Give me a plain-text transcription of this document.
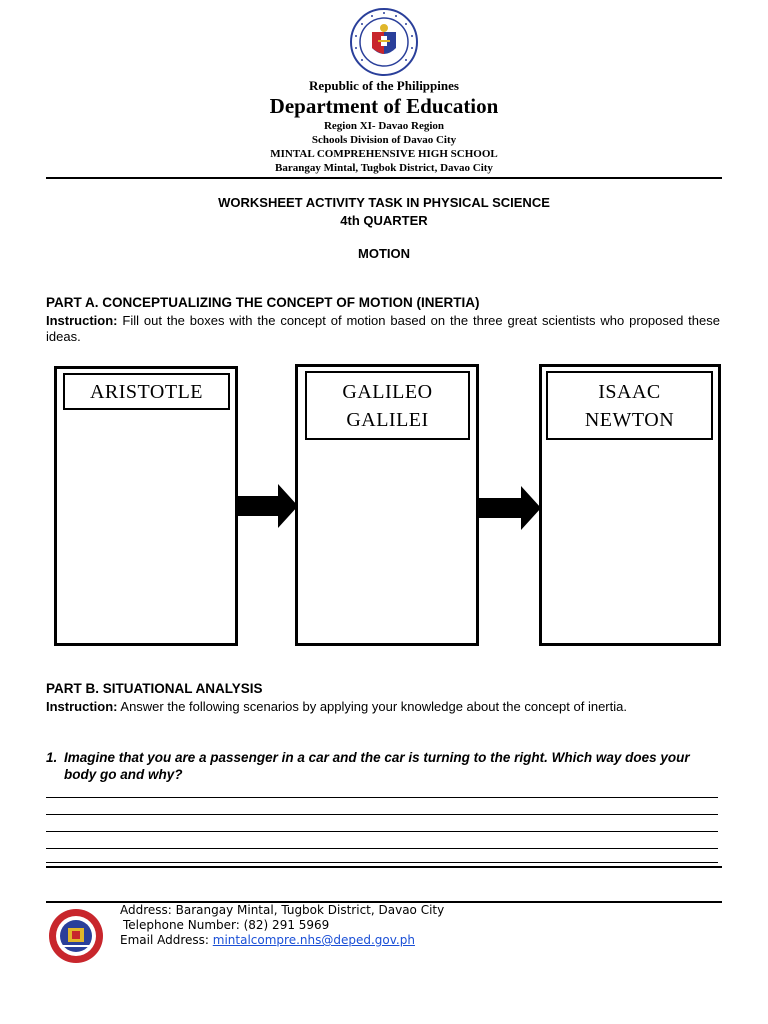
Republic of the Philippines
Department of Education
Region XI- Davao Region
Schools Division of Davao City
MINTAL COMPREHENSIVE HIGH SCHOOL
Barangay Mintal, Tugbok District, Davao City
WORKSHEET ACTIVITY TASK IN PHYSICAL SCIENCE
4th QUARTER
MOTION
PART A. CONCEPTUALIZING THE CONCEPT OF MOTION (INERTIA)
Instruction: Fill out the boxes with the concept of motion based on the three great scientists who proposed these ideas.
ARISTOTLE	GALILEO
GALILEI
ISAAC
NEWTON
PART B. SITUATIONAL ANALYSIS
Instruction: Answer the following scenarios by applying your knowledge about the concept of inertia.
1. Imagine that you are a passenger in a car and the car is turning to the right. Which way does your body go and why?
Address: Barangay Mintal, Tugbok District, Davao City
Telephone Number: (82) 291 5969
Email Address: mintalcompre.nhs@deped.gov.ph
